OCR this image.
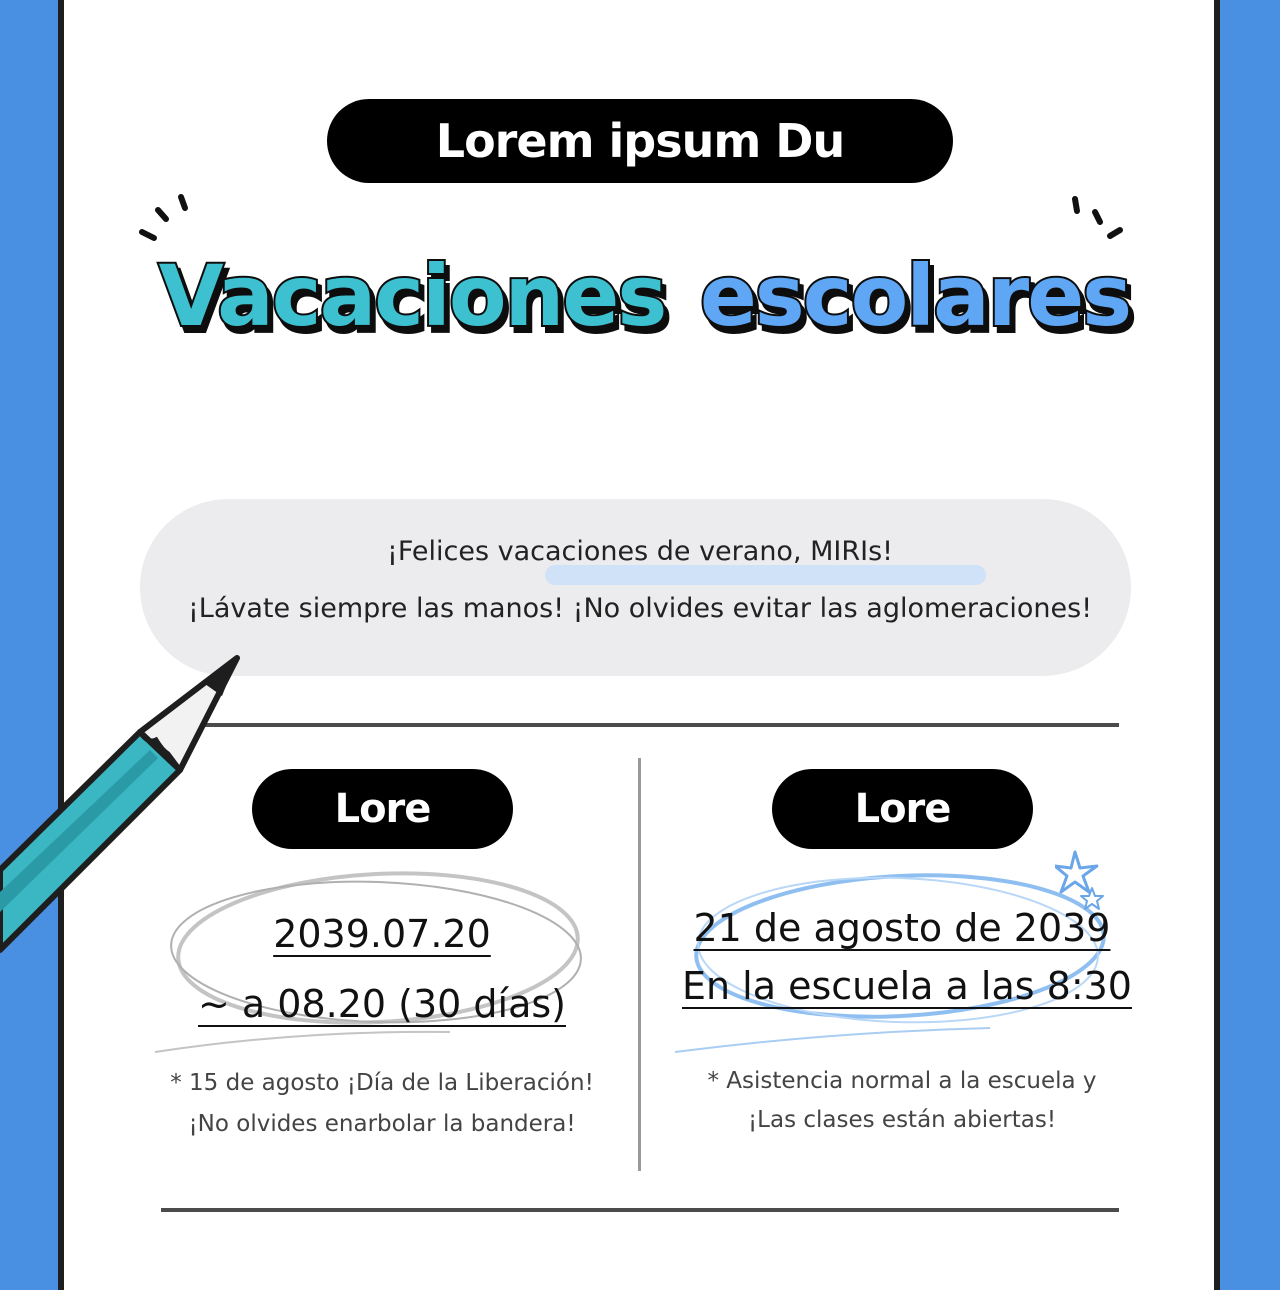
Lorem ipsum Du
Vacaciones escolares
¡Felices vacaciones de verano, MIRIs!
¡Lávate siempre las manos! ¡No olvides evitar las aglomeraciones!
Lore
2039.07.20
~ a 08.20 (30 días)
* 15 de agosto ¡Día de la Liberación!
¡No olvides enarbolar la bandera!
Lore
21 de agosto de 2039
En la escuela a las 8:30
* Asistencia normal a la escuela y
¡Las clases están abiertas!
